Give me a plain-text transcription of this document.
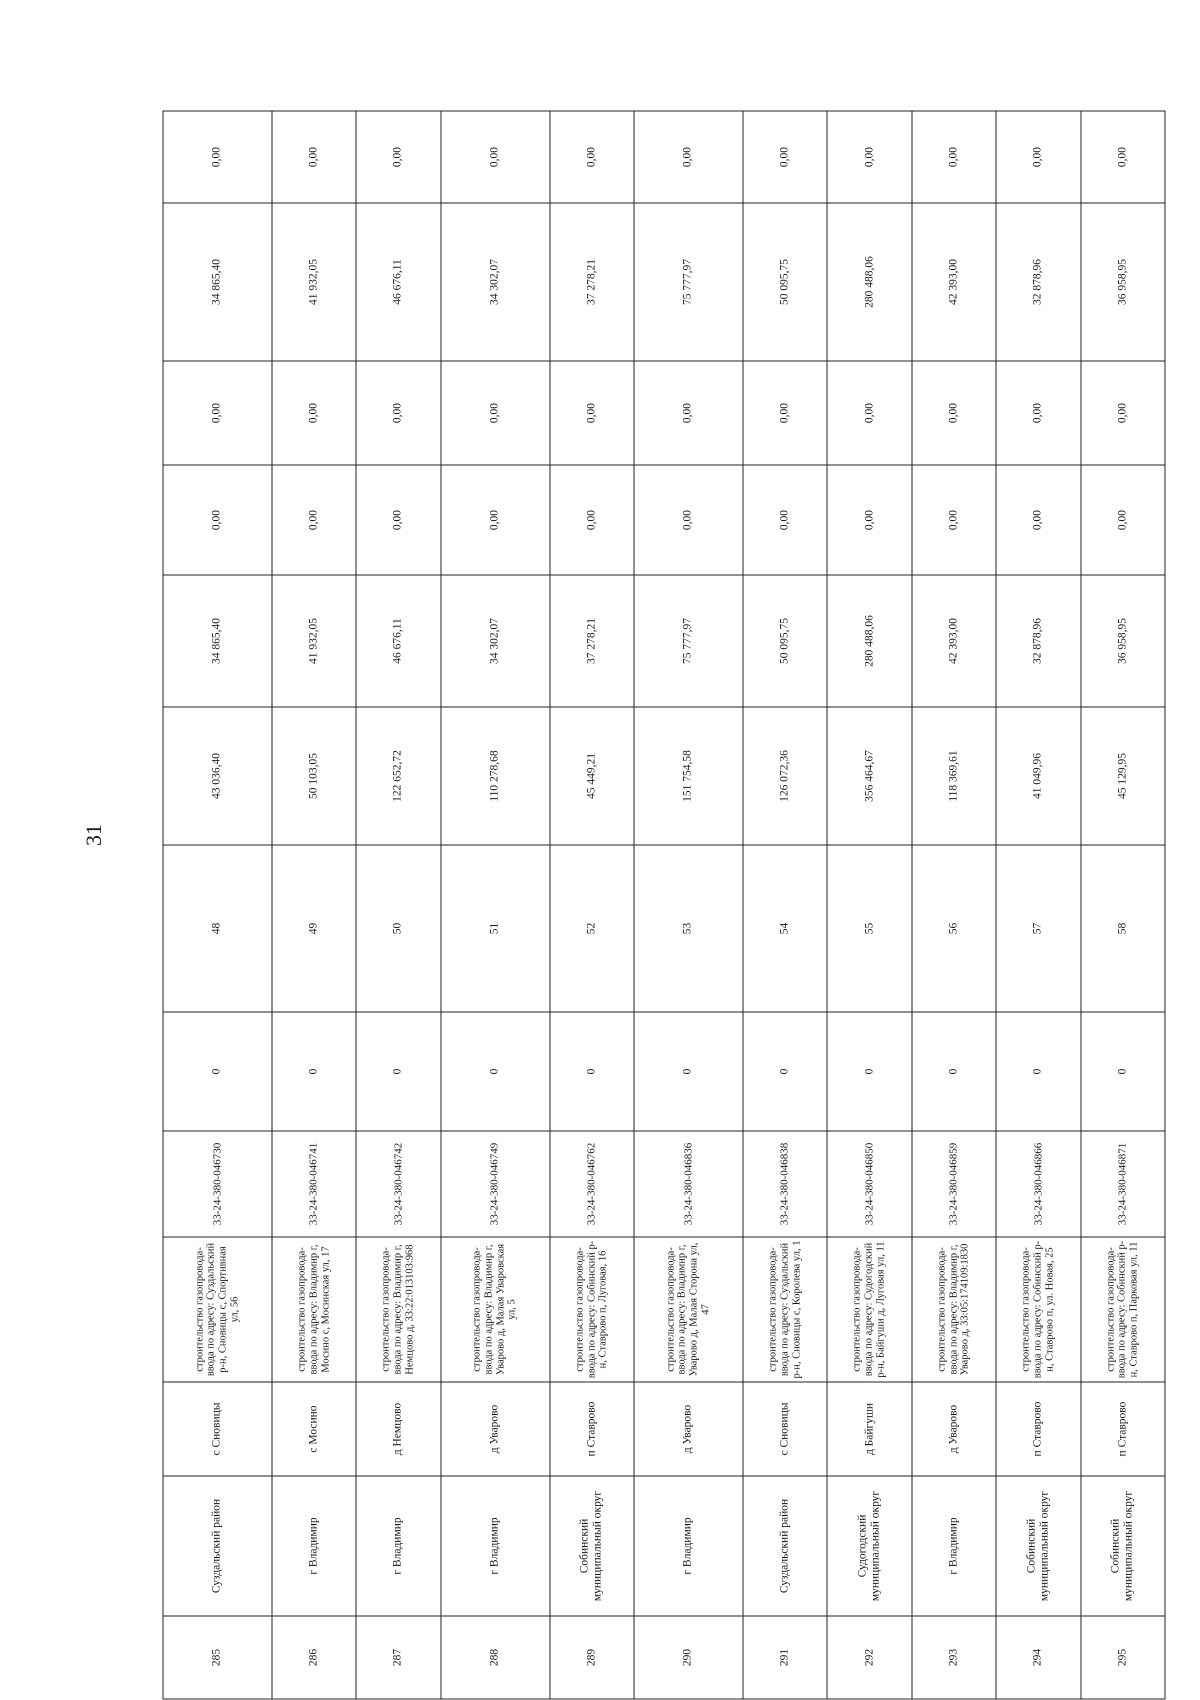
31
285	Суздальский район	с Сновицы	строительство газопровода-ввода по адресу: Суздальский р-н, Сновицы с, Спортивная ул, 56	33-24-380-046730	0	48	43 036,40	34 865,40	0,00	0,00	34 865,40	0,00
286	г Владимир	с Мосино	строительство газопровода-ввода по адресу: Владимир г, Мосино с, Мосинская ул, 17	33-24-380-046741	0	49	50 103,05	41 932,05	0,00	0,00	41 932,05	0,00
287	г Владимир	д Немцово	строительство газопровода-ввода по адресу: Владимир г, Немцово д, 33:22:013103:968	33-24-380-046742	0	50	122 652,72	46 676,11	0,00	0,00	46 676,11	0,00
288	г Владимир	д Уварово	строительство газопровода-ввода по адресу: Владимир г, Уварово д, Малая Уваровская ул, 5	33-24-380-046749	0	51	110 278,68	34 302,07	0,00	0,00	34 302,07	0,00
289	Собинский муниципальный округ	п Ставрово	строительство газопровода-ввода по адресу: Собинский р-н, Ставрово п, Луговая, 16	33-24-380-046762	0	52	45 449,21	37 278,21	0,00	0,00	37 278,21	0,00
290	г Владимир	д Уварово	строительство газопровода-ввода по адресу: Владимир г, Уварово д, Малая Сторона ул, 47	33-24-380-046836	0	53	151 754,58	75 777,97	0,00	0,00	75 777,97	0,00
291	Суздальский район	с Сновицы	строительство газопровода-ввода по адресу: Суздальский р-н, Сновицы с, Королева ул, 1	33-24-380-046838	0	54	126 072,36	50 095,75	0,00	0,00	50 095,75	0,00
292	Судогодский муниципальный округ	д Байгуши	строительство газопровода-ввода по адресу: Судогодский р-н, Байгуши д, Луговая ул, 11	33-24-380-046850	0	55	356 464,67	280 488,06	0,00	0,00	280 488,06	0,00
293	г Владимир	д Уварово	строительство газопровода-ввода по адресу: Владимир г, Уварово д, 33:05:174109:1830	33-24-380-046859	0	56	118 369,61	42 393,00	0,00	0,00	42 393,00	0,00
294	Собинский муниципальный округ	п Ставрово	строительство газопровода-ввода по адресу: Собинский р-н, Ставрово п, ул. Новая, 25	33-24-380-046866	0	57	41 049,96	32 878,96	0,00	0,00	32 878,96	0,00
295	Собинский муниципальный округ	п Ставрово	строительство газопровода-ввода по адресу: Собинский р-н, Ставрово п, Парковая ул, 11	33-24-380-046871	0	58	45 129,95	36 958,95	0,00	0,00	36 958,95	0,00
